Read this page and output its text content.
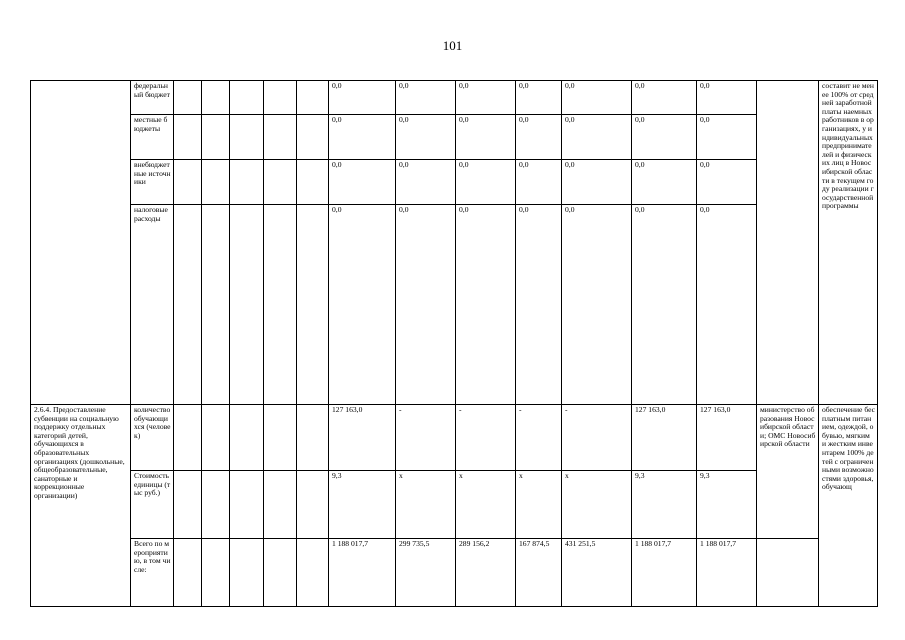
101
	федеральный бюджет						0,0	0,0	0,0	0,0	0,0	0,0	0,0		составит не менее 100% от средней заработной платы наемных работников в организациях, у индивидуальных предпринимателей и физических лиц в Новосибирской области в текущем году реализации государственной программы
	местные бюджеты						0,0	0,0	0,0	0,0	0,0	0,0	0,0		
	внебюджетные источники						0,0	0,0	0,0	0,0	0,0	0,0	0,0		
	налоговые расходы						0,0	0,0	0,0	0,0	0,0	0,0	0,0		
2.6.4. Предоставление субвенции на социальную поддержку отдельных категорий детей, обучающихся в образовательных организациях (дошкольные, общеобразовательные, санаторные и коррекционные организации)	количество обучающихся (человек)						127 163,0	-	-	-	-	127 163,0	127 163,0	министерство образования Новосибирской области; ОМС Новосибирской области	обеспечение бесплатным питанием, одеждой, обувью, мягким и жестким инвентарем 100% детей с ограниченными возможностями здоровья, обучающ
	Стоимость единицы (тыс руб.)						9,3	x	x	x	x	9,3	9,3		
	Всего по мероприятию, в том числе:						1 188 017,7	299 735,5	289 156,2	167 874,5	431 251,5	1 188 017,7	1 188 017,7		
